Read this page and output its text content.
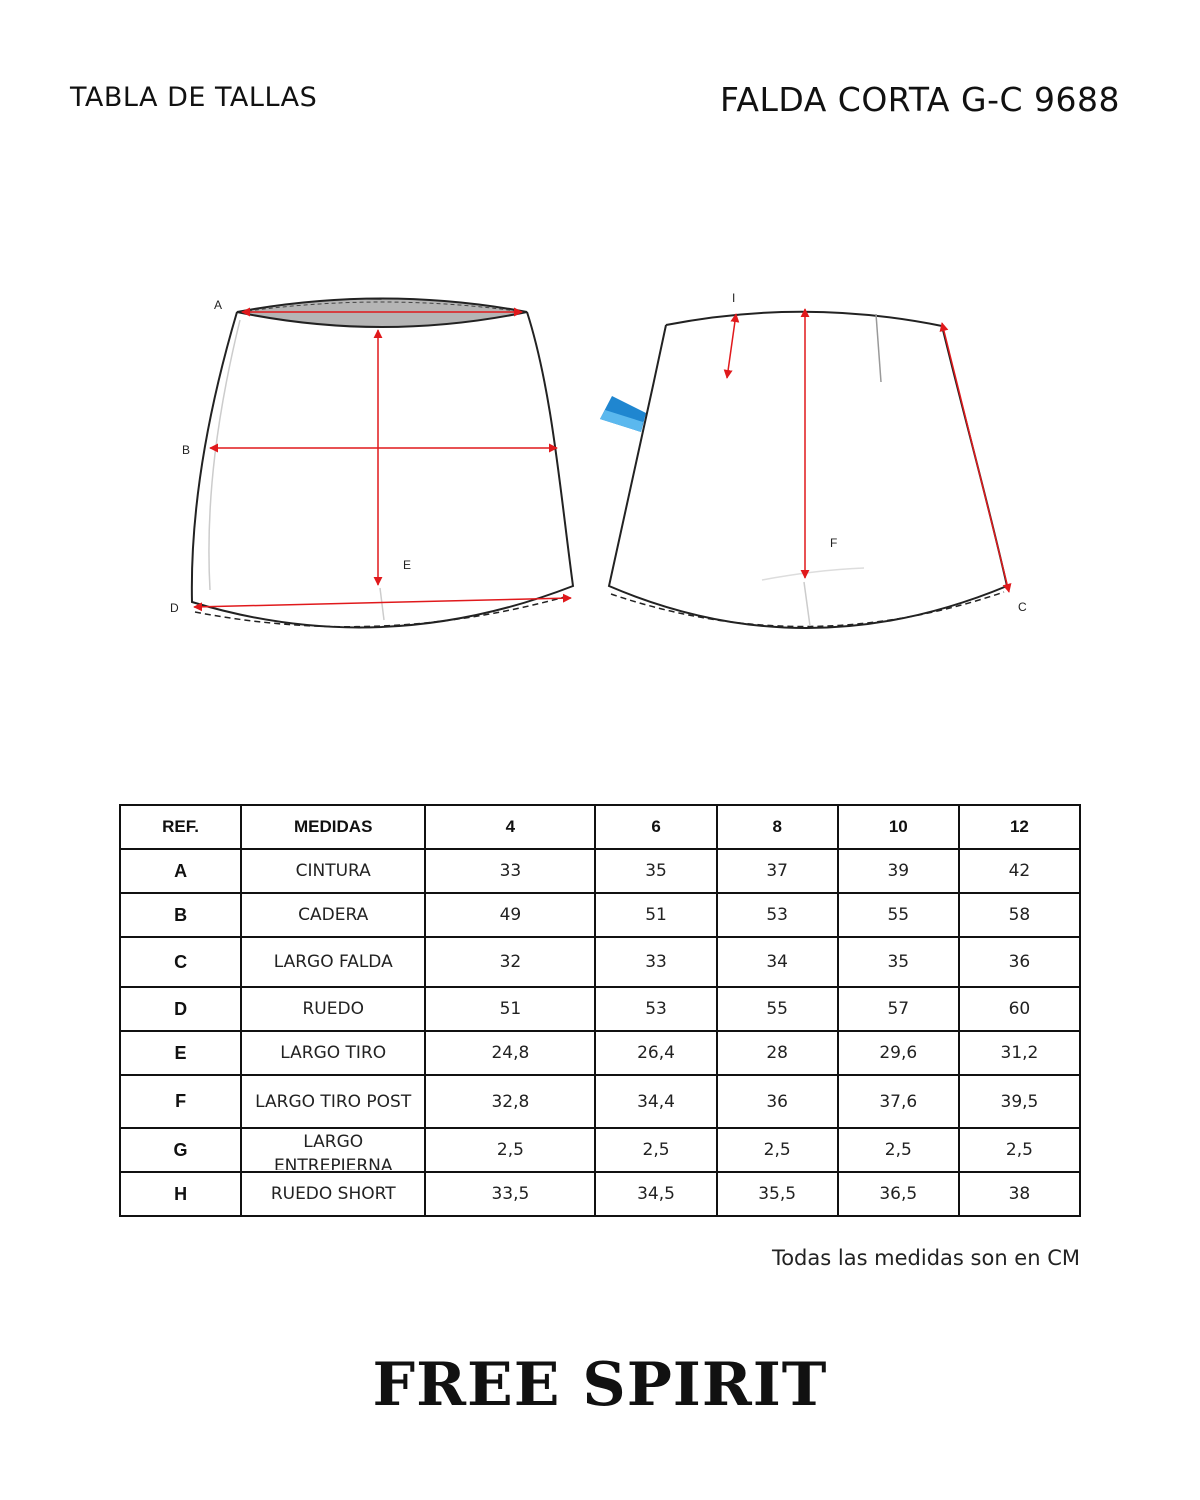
TABLA DE TALLAS	FALDA CORTA G-C 9688
A
B
E
D
I
F
C
REF.	MEDIDAS	4	6	8	10	12
A	CINTURA	33	35	37	39	42
B	CADERA	49	51	53	55	58
C	LARGO FALDA	32	33	34	35	36
D	RUEDO	51	53	55	57	60
E	LARGO TIRO	24,8	26,4	28	29,6	31,2
F	LARGO TIRO POST	32,8	34,4	36	37,6	39,5
G	LARGO ENTREPIERNA	2,5	2,5	2,5	2,5	2,5
H	RUEDO SHORT	33,5	34,5	35,5	36,5	38
Todas las medidas son en CM
FREE SPIRIT
